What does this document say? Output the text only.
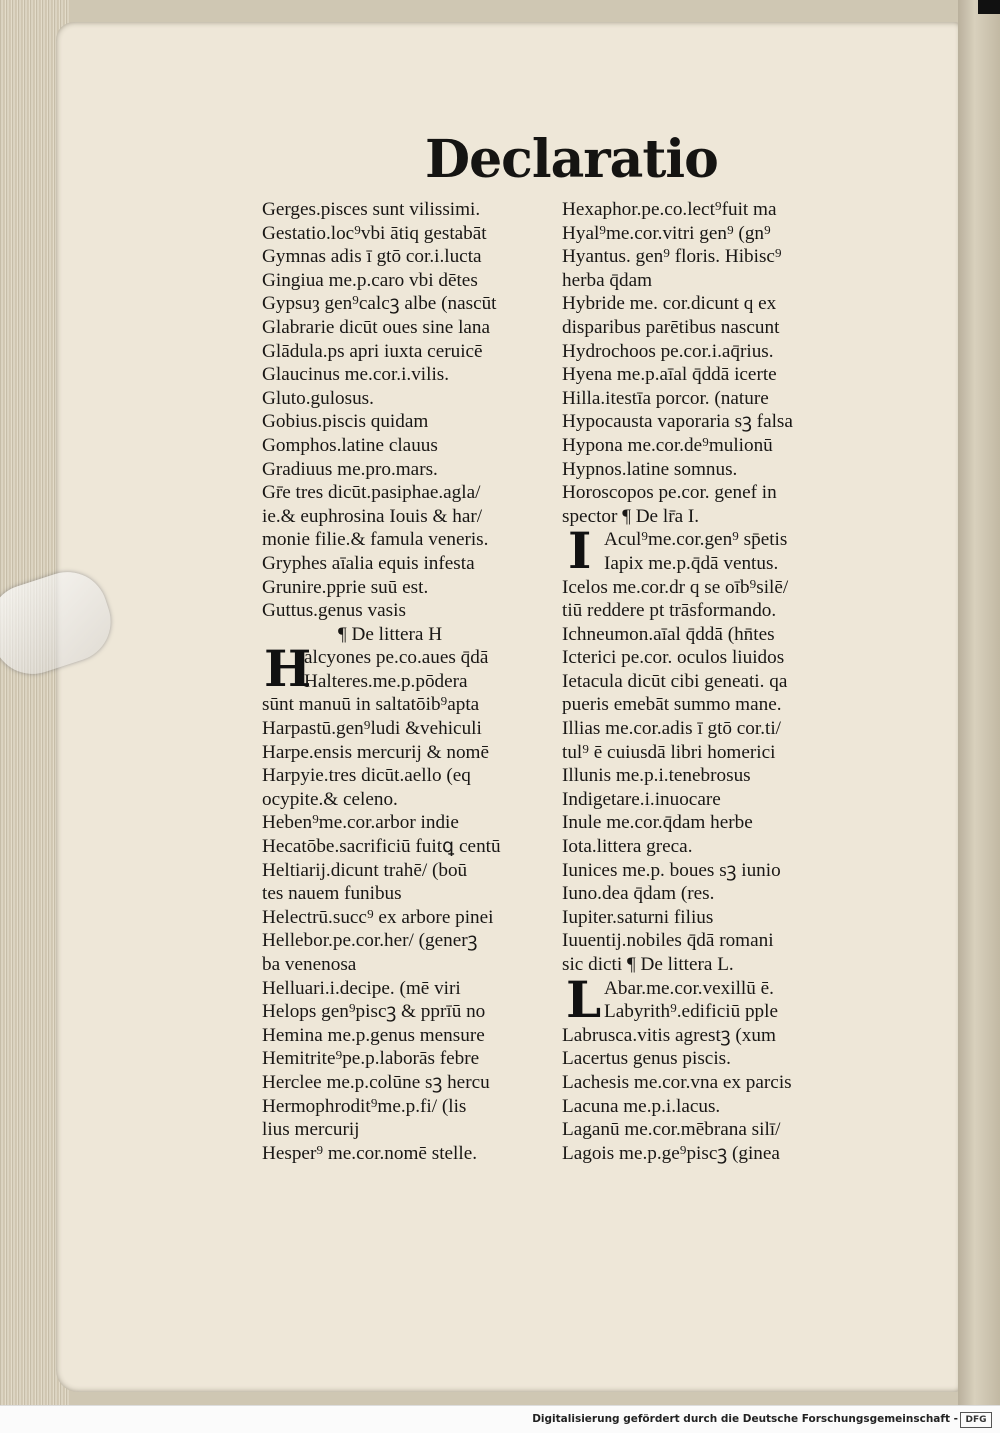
Declaratio
Gerges.pisces sunt vilissimi.
Gestatio.loc⁹vbi ātiq gestabāt
Gymnas adis ī gtō cor.i.lucta
Gingiua me.p.caro vbi dētes
Gypsuȝ gen⁹calcꝫ albe (nascūt
Glabrarie dicūt oues sine lana
Glādula.ps apri iuxta ceruicē
Glaucinus me.cor.i.vilis.
Gluto.gulosus.
Gobius.piscis quidam
Gomphos.latine clauus
Gradiuus me.pro.mars.
Gr̄e tres dicūt.pasiphae.agla/
ie.& euphrosina Iouis & har/
monie filie.& famula veneris.
Gryphes aīalia equis infesta
Grunire.pprie suū est.
Guttus.genus vasis
¶ De littera H
H
alcyones pe.co.aues q̄dā
Halteres.me.p.pōdera
sūnt manuū in saltatōib⁹apta
Harpastū.gen⁹ludi &vehiculi
Harpe.ensis mercurij & nomē
Harpyie.tres dicūt.aello (eq
ocypite.& celeno.
Heben⁹me.cor.arbor indie
Hecatōbe.sacrificiū fuitꝗ centū
Heltiarij.dicunt trahē/ (boū
tes nauem funibus
Helectrū.succ⁹ ex arbore pinei
Hellebor.pe.cor.her/ (generꝫ
ba venenosa
Helluari.i.decipe. (mē viri
Helops gen⁹piscꝫ & pprīū no
Hemina me.p.genus mensure
Hemitrite⁹pe.p.laborās febre
Herclee me.p.colūne sꝫ hercu
Hermophrodit⁹me.p.fi/ (lis
lius mercurij
Hesper⁹ me.cor.nomē stelle.
Hexaphor.pe.co.lect⁹fuit ma
Hyal⁹me.cor.vitri gen⁹ (gn⁹
Hyantus. gen⁹ floris. Hibisc⁹
herba q̄dam
Hybride me. cor.dicunt q ex
disparibus parētibus nascunt
Hydrochoos pe.cor.i.aq̄rius.
Hyena me.p.aīal q̄ddā icerte
Hilla.itestīa porcor. (nature
Hypocausta vaporaria sꝫ falsa
Hypona me.cor.de⁹mulionū
Hypnos.latine somnus.
Horoscopos pe.cor. genef in
spector ¶ De lr̄a I.
I Acul⁹me.cor.gen⁹ sp̄etis
Iapix me.p.q̄dā ventus.
Icelos me.cor.dr q se oīb⁹silē/
tiū reddere pt trāsformando.
Ichneumon.aīal q̄ddā (hn̄tes
Icterici pe.cor. oculos liuidos
Ietacula dicūt cibi geneati. qa
pueris emebāt summo mane.
Illias me.cor.adis ī gtō cor.ti/
tul⁹ ē cuiusdā libri homerici
Illunis me.p.i.tenebrosus
Indigetare.i.inuocare
Inule me.cor.q̄dam herbe
Iota.littera greca.
Iunices me.p. boues sꝫ iunio
Iuno.dea q̄dam (res.
Iupiter.saturni filius
Iuuentij.nobiles q̄dā romani
sic dicti ¶ De littera L.
L Abar.me.cor.vexillū ē.
Labyrith⁹.edificiū pple
Labrusca.vitis agrestꝫ (xum
Lacertus genus piscis.
Lachesis me.cor.vna ex parcis
Lacuna me.p.i.lacus.
Laganū me.cor.mēbrana silī/
Lagois me.p.ge⁹piscꝫ (ginea
Digitalisierung gefördert durch die Deutsche Forschungsgemeinschaft - DFG
